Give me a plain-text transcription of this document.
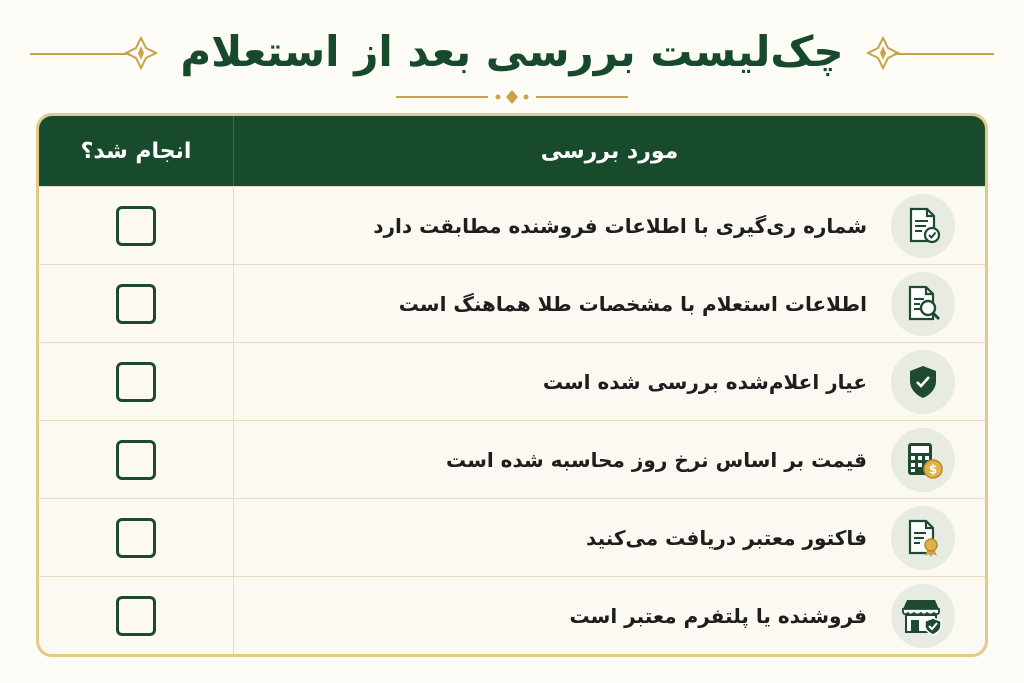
چک‌لیست بررسی بعد از استعلام
مورد بررسی
انجام شد؟
شماره ری‌گیری با اطلاعات فروشنده مطابقت دارد
اطلاعات استعلام با مشخصات طلا هماهنگ است
عیار اعلام‌شده بررسی شده است
$
قیمت بر اساس نرخ روز محاسبه شده است
فاکتور معتبر دریافت می‌کنید
فروشنده یا پلتفرم معتبر است
